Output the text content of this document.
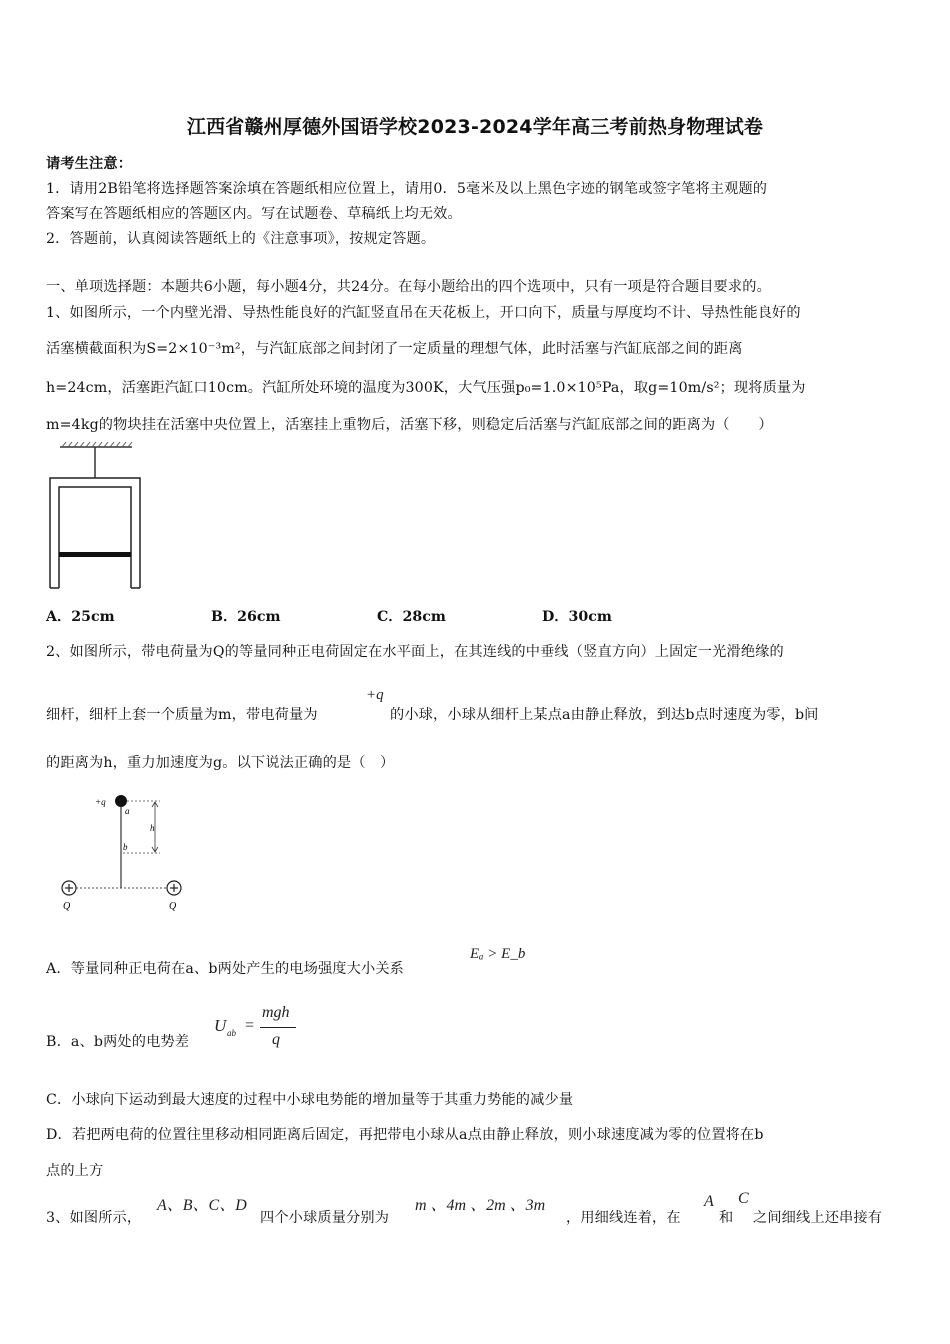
江西省赣州厚德外国语学校2023-2024学年高三考前热身物理试卷
请考生注意：
1．请用2B铅笔将选择题答案涂填在答题纸相应位置上，请用0．5毫米及以上黑色字迹的钢笔或签字笔将主观题的
答案写在答题纸相应的答题区内。写在试题卷、草稿纸上均无效。
2．答题前，认真阅读答题纸上的《注意事项》，按规定答题。
一、单项选择题：本题共6小题，每小题4分，共24分。在每小题给出的四个选项中，只有一项是符合题目要求的。
1、如图所示，一个内壁光滑、导热性能良好的汽缸竖直吊在天花板上，开口向下，质量与厚度均不计、导热性能良好的
活塞横截面积为S=2×10⁻³m²，与汽缸底部之间封闭了一定质量的理想气体，此时活塞与汽缸底部之间的距离
h=24cm，活塞距汽缸口10cm。汽缸所处环境的温度为300K，大气压强p₀=1.0×10⁵Pa，取g=10m/s²；现将质量为
m=4kg的物块挂在活塞中央位置上，活塞挂上重物后，活塞下移，则稳定后活塞与汽缸底部之间的距离为（　　）
A．25cm	B．26cm	C．28cm	D．30cm
2、如图所示，带电荷量为Q的等量同种正电荷固定在水平面上，在其连线的中垂线（竖直方向）上固定一光滑绝缘的
细杆，细杆上套一个质量为m，带电荷量为
+q
的小球，小球从细杆上某点a由静止释放，到达b点时速度为零，b间
的距离为h，重力加速度为g。以下说法正确的是（　）
+q
a
b
h
Q	Q
A．等量同种正电荷在a、b两处产生的电场强度大小关系
Eₐ > E_b
B．a、b两处的电势差
U ab =
mgh
q
C．小球向下运动到最大速度的过程中小球电势能的增加量等于其重力势能的减少量
D．若把两电荷的位置往里移动相同距离后固定，再把带电小球从a点由静止释放，则小球速度减为零的位置将在b
点的上方
3、如图所示，
A、B、C、D
四个小球质量分别为
m 、4m 、2m 、3m
，用细线连着，在
A
和
C
之间细线上还串接有
